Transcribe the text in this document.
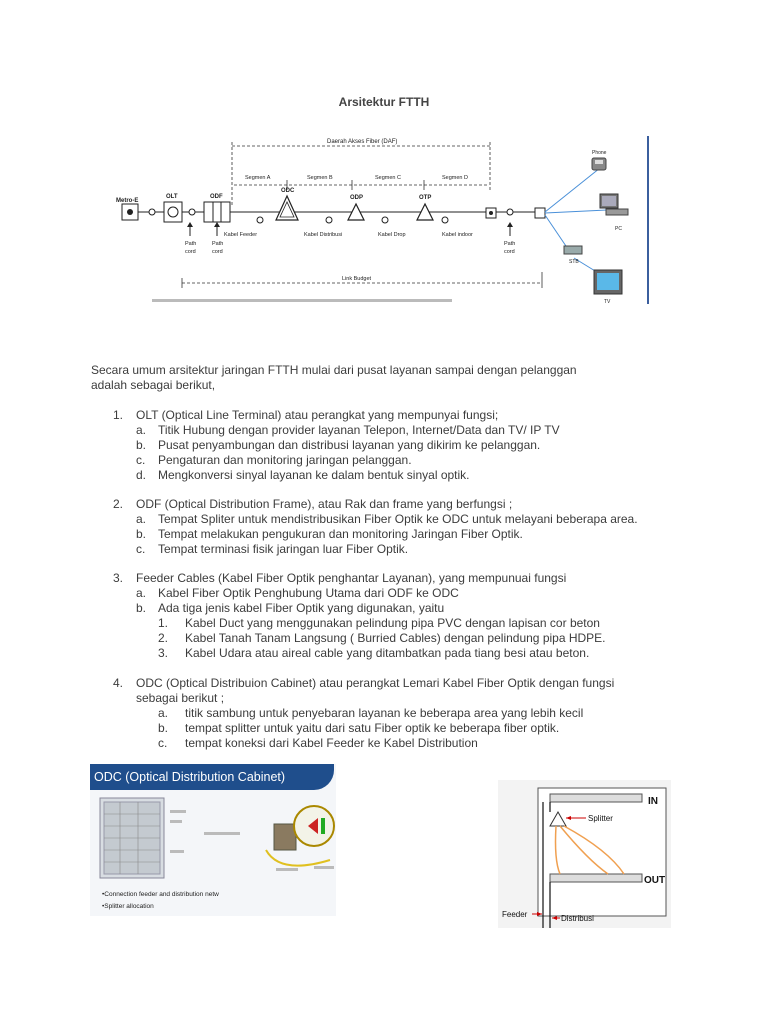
Arsitektur FTTH
Daerah Akses Fiber (DAF)
Segmen A	Segmen B	Segmen C	Segmen D
Metro-E
OLT	ODF
ODC
ODP	OTP
Kabel Feeder	Kabel Distribusi	Kabel Drop	Kabel indoor
Path
cord
Path
cord
Path
cord
Link Budget
Phone
PC
STB
TV
Secara umum arsitektur jaringan FTTH mulai dari pusat layanan sampai dengan pelanggan
adalah sebagai berikut,
1. OLT (Optical Line Terminal) atau perangkat yang mempunyai fungsi;
a. Titik Hubung dengan provider layanan Telepon, Internet/Data dan TV/ IP TV
b. Pusat penyambungan dan distribusi layanan yang dikirim ke pelanggan.
c. Pengaturan dan monitoring jaringan pelanggan.
d. Mengkonversi sinyal layanan ke dalam bentuk sinyal optik.
2. ODF (Optical Distribution Frame), atau Rak dan frame yang berfungsi ;
a. Tempat Spliter untuk mendistribusikan Fiber Optik ke ODC untuk melayani beberapa area.
b. Tempat melakukan pengukuran dan monitoring Jaringan Fiber Optik.
c. Tempat terminasi fisik jaringan luar Fiber Optik.
3. Feeder Cables (Kabel Fiber Optik penghantar Layanan), yang mempunuai fungsi
a. Kabel Fiber Optik Penghubung Utama dari ODF ke ODC
b. Ada tiga jenis kabel Fiber Optik yang digunakan, yaitu
1. Kabel Duct yang menggunakan pelindung pipa PVC dengan lapisan cor beton
2. Kabel Tanah Tanam Langsung ( Burried Cables) dengan pelindung pipa HDPE.
3. Kabel Udara atau aireal cable yang ditambatkan pada tiang besi atau beton.
4. ODC (Optical Distribuion Cabinet) atau perangkat Lemari Kabel Fiber Optik dengan fungsi
sebagai berikut ;
a. titik sambung untuk penyebaran layanan ke beberapa area yang lebih kecil
b. tempat splitter untuk yaitu dari satu Fiber optik ke beberapa fiber optik.
c. tempat koneksi dari Kabel Feeder ke Kabel Distribution
ODC (Optical Distribution Cabinet)
•Connection feeder and distribution netw
•Splitter allocation
IN
OUT
Splitter
Feeder	Distribusi
